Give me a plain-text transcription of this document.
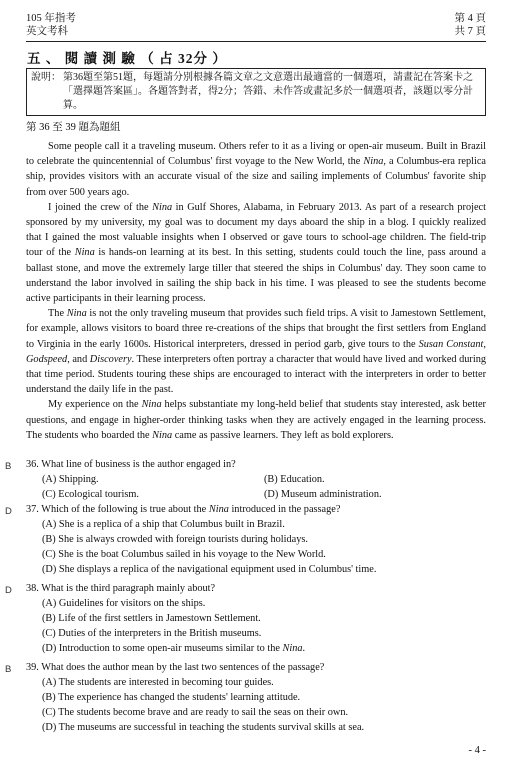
105 年指考	第 4 頁
英文考科	共 7 頁
五 、 閱 讀 測 驗 （ 占 32分 ）
說明： 第36題至第51題，每題請分別根據各篇文章之文意選出最適當的一個選項，請畫記在答案卡之「選擇題答案區」。各題答對者，得2分；答錯、未作答或畫記多於一個選項者，該題以零分計算。
第 36 至 39 題為題組

Some people call it a traveling museum. Others refer to it as a living or open-air museum. Built in Brazil to celebrate the quincentennial of Columbus' first voyage to the New World, the Nina, a Columbus-era replica ship, provides visitors with an accurate visual of the size and sailing implements of Columbus' favorite ship from over 500 years ago.

I joined the crew of the Nina in Gulf Shores, Alabama, in February 2013. As part of a research project sponsored by my university, my goal was to document my days aboard the ship in a blog. I quickly realized that I gained the most valuable insights when I observed or gave tours to school-age children. The field-trip tour of the Nina is hands-on learning at its best. In this setting, students could touch the line, pass around a ballast stone, and move the extremely large tiller that steered the ships in Columbus' day. They soon came to understand the labor involved in sailing the ship back in his time. I was pleased to see the students become active participants in their learning process.

The Nina is not the only traveling museum that provides such field trips. A visit to Jamestown Settlement, for example, allows visitors to board three re-creations of the ships that brought the first settlers from England to Virginia in the early 1600s. Historical interpreters, dressed in period garb, give tours to the Susan Constant, Godspeed, and Discovery. These interpreters often portray a character that would have lived and worked during that time period. Students touring these ships are encouraged to interact with the interpreters in order to better understand the daily life in the past.

My experience on the Nina helps substantiate my long-held belief that students stay interested, ask better questions, and engage in higher-order thinking tasks when they are actively engaged in the learning process. The students who boarded the Nina came as passive learners. They left as bold explorers.

B 36. What line of business is the author engaged in?
(A) Shipping.	(B) Education.
(C) Ecological tourism.	(D) Museum administration.
D 37. Which of the following is true about the Nina introduced in the passage?
(A) She is a replica of a ship that Columbus built in Brazil.
(B) She is always crowded with foreign tourists during holidays.
(C) She is the boat Columbus sailed in his voyage to the New World.
(D) She displays a replica of the navigational equipment used in Columbus' time.
D 38. What is the third paragraph mainly about?
(A) Guidelines for visitors on the ships.
(B) Life of the first settlers in Jamestown Settlement.
(C) Duties of the interpreters in the British museums.
(D) Introduction to some open-air museums similar to the Nina.
B 39. What does the author mean by the last two sentences of the passage?
(A) The students are interested in becoming tour guides.
(B) The experience has changed the students' learning attitude.
(C) The students become brave and are ready to sail the seas on their own.
(D) The museums are successful in teaching the students survival skills at sea.
- 4 -
